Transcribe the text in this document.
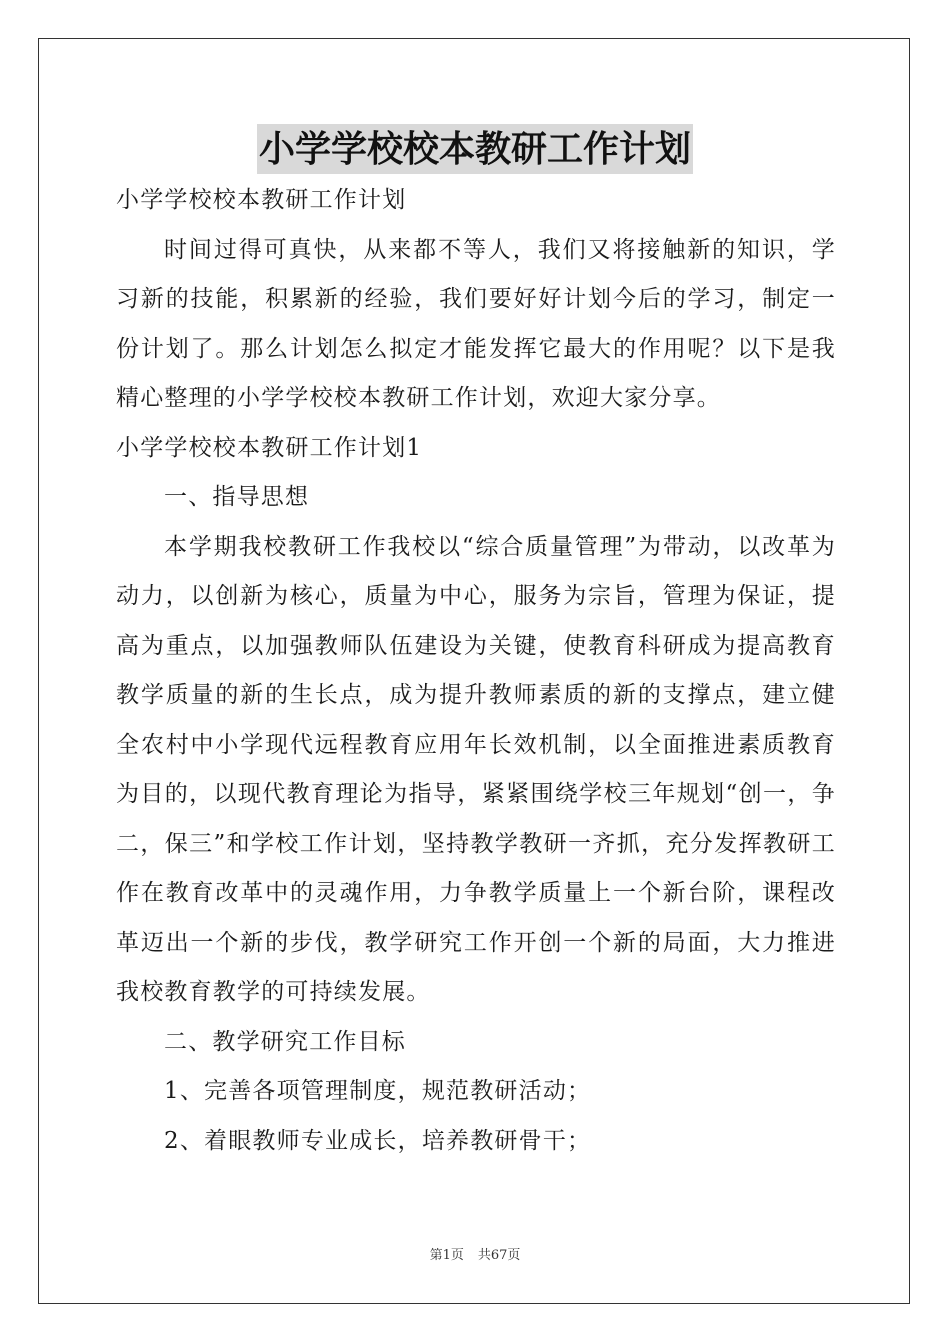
小学学校校本教研工作计划

小学学校校本教研工作计划

时间过得可真快，从来都不等人，我们又将接触新的知识，学习新的技能，积累新的经验，我们要好好计划今后的学习，制定一份计划了。那么计划怎么拟定才能发挥它最大的作用呢？以下是我精心整理的小学学校校本教研工作计划，欢迎大家分享。

小学学校校本教研工作计划1

一、指导思想

本学期我校教研工作我校以“综合质量管理”为带动，以改革为动力，以创新为核心，质量为中心，服务为宗旨，管理为保证，提高为重点，以加强教师队伍建设为关键，使教育科研成为提高教育教学质量的新的生长点，成为提升教师素质的新的支撑点，建立健全农村中小学现代远程教育应用年长效机制，以全面推进素质教育为目的，以现代教育理论为指导，紧紧围绕学校三年规划“创一，争二，保三”和学校工作计划，坚持教学教研一齐抓，充分发挥教研工作在教育改革中的灵魂作用，力争教学质量上一个新台阶，课程改革迈出一个新的步伐，教学研究工作开创一个新的局面，大力推进我校教育教学的可持续发展。

二、教学研究工作目标

1、完善各项管理制度，规范教研活动；

2、着眼教师专业成长，培养教研骨干；

第1页 共67页
